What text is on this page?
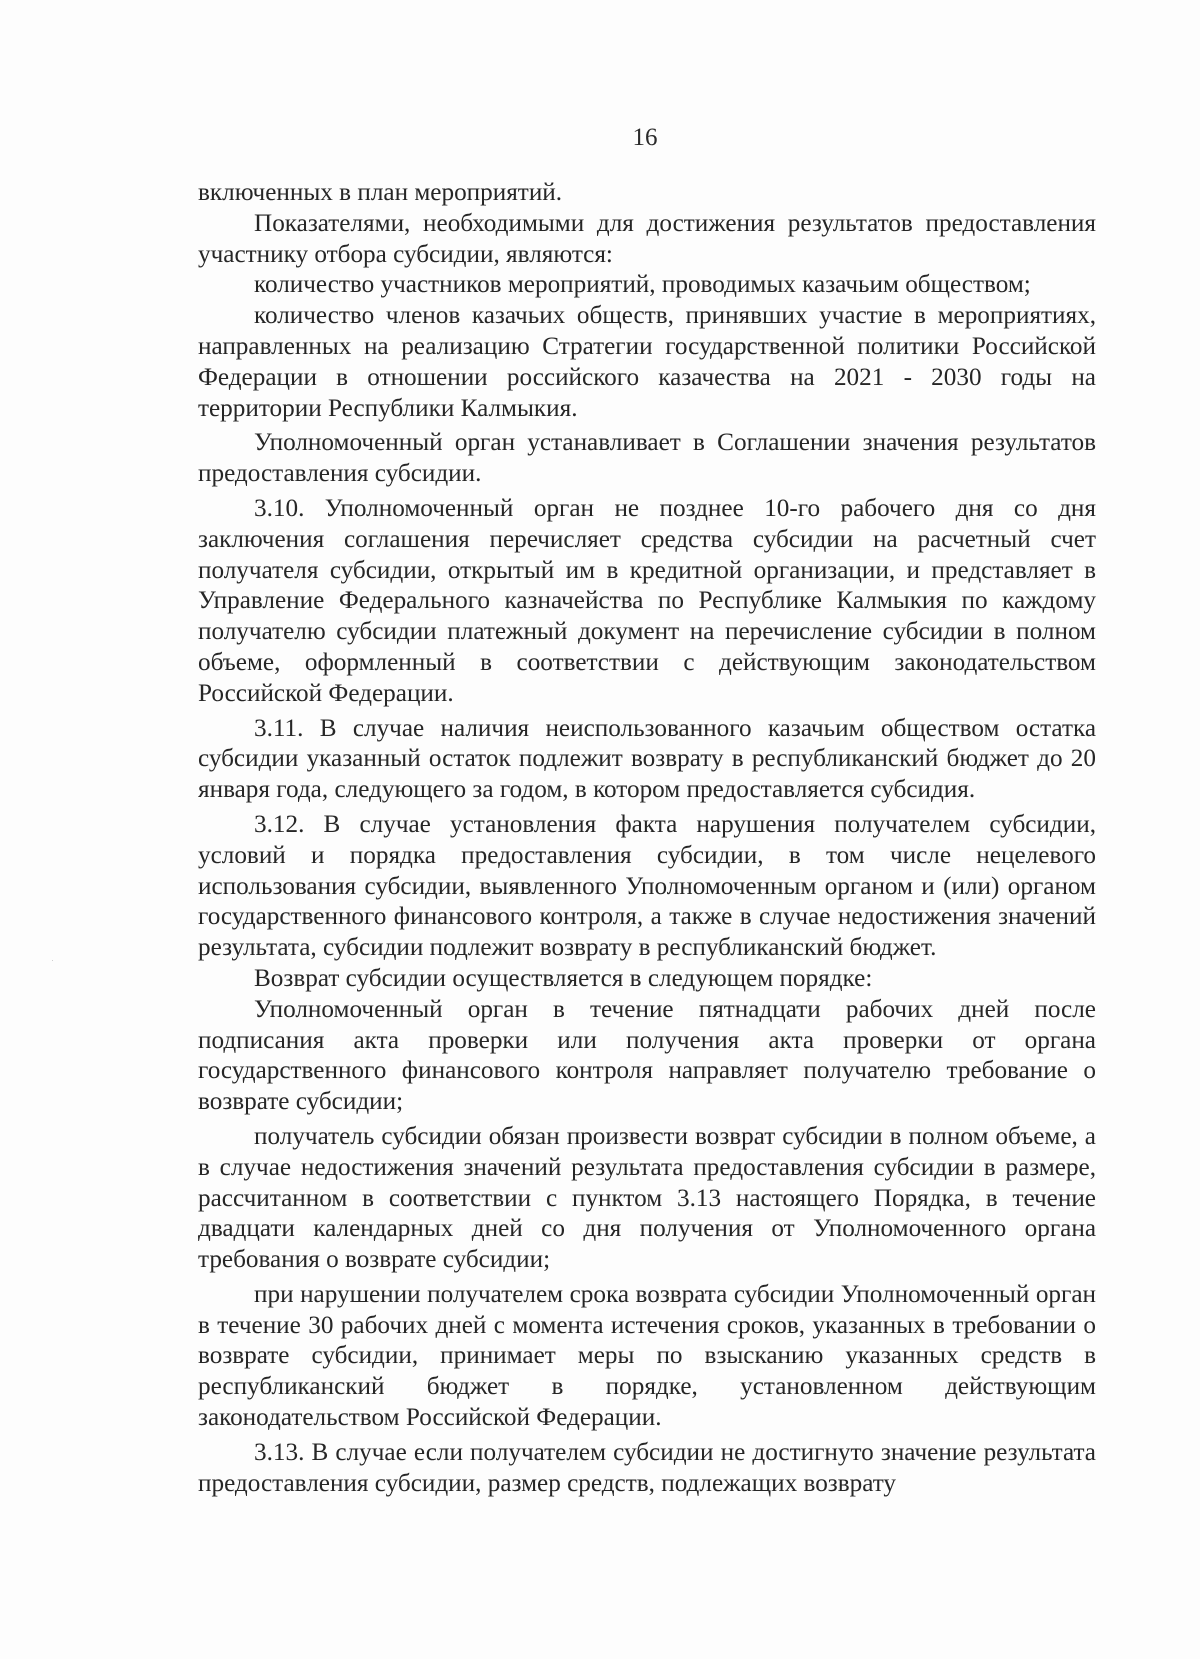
16

включенных в план мероприятий.

Показателями, необходимыми для достижения результатов предоставления участнику отбора субсидии, являются:

количество участников мероприятий, проводимых казачьим обществом;

количество членов казачьих обществ, принявших участие в мероприятиях, направленных на реализацию Стратегии государственной политики Российской Федерации в отношении российского казачества на 2021 - 2030 годы на территории Республики Калмыкия.

Уполномоченный орган устанавливает в Соглашении значения результатов предоставления субсидии.

3.10. Уполномоченный орган не позднее 10-го рабочего дня со дня заключения соглашения перечисляет средства субсидии на расчетный счет получателя субсидии, открытый им в кредитной организации, и представляет в Управление Федерального казначейства по Республике Калмыкия по каждому получателю субсидии платежный документ на перечисление субсидии в полном объеме, оформленный в соответствии с действующим законодательством Российской Федерации.

3.11. В случае наличия неиспользованного казачьим обществом остатка субсидии указанный остаток подлежит возврату в республиканский бюджет до 20 января года, следующего за годом, в котором предоставляется субсидия.

3.12. В случае установления факта нарушения получателем субсидии, условий и порядка предоставления субсидии, в том числе нецелевого использования субсидии, выявленного Уполномоченным органом и (или) органом государственного финансового контроля, а также в случае недостижения значений результата, субсидии подлежит возврату в республиканский бюджет.

Возврат субсидии осуществляется в следующем порядке:

Уполномоченный орган в течение пятнадцати рабочих дней после подписания акта проверки или получения акта проверки от органа государственного финансового контроля направляет получателю требование о возврате субсидии;

получатель субсидии обязан произвести возврат субсидии в полном объеме, а в случае недостижения значений результата предоставления субсидии в размере, рассчитанном в соответствии с пунктом 3.13 настоящего Порядка, в течение двадцати календарных дней со дня получения от Уполномоченного органа требования о возврате субсидии;

при нарушении получателем срока возврата субсидии Уполномоченный орган в течение 30 рабочих дней с момента истечения сроков, указанных в требовании о возврате субсидии, принимает меры по взысканию указанных средств в республиканский бюджет в порядке, установленном действующим законодательством Российской Федерации.

3.13. В случае если получателем субсидии не достигнуто значение результата предоставления субсидии, размер средств, подлежащих возврату
